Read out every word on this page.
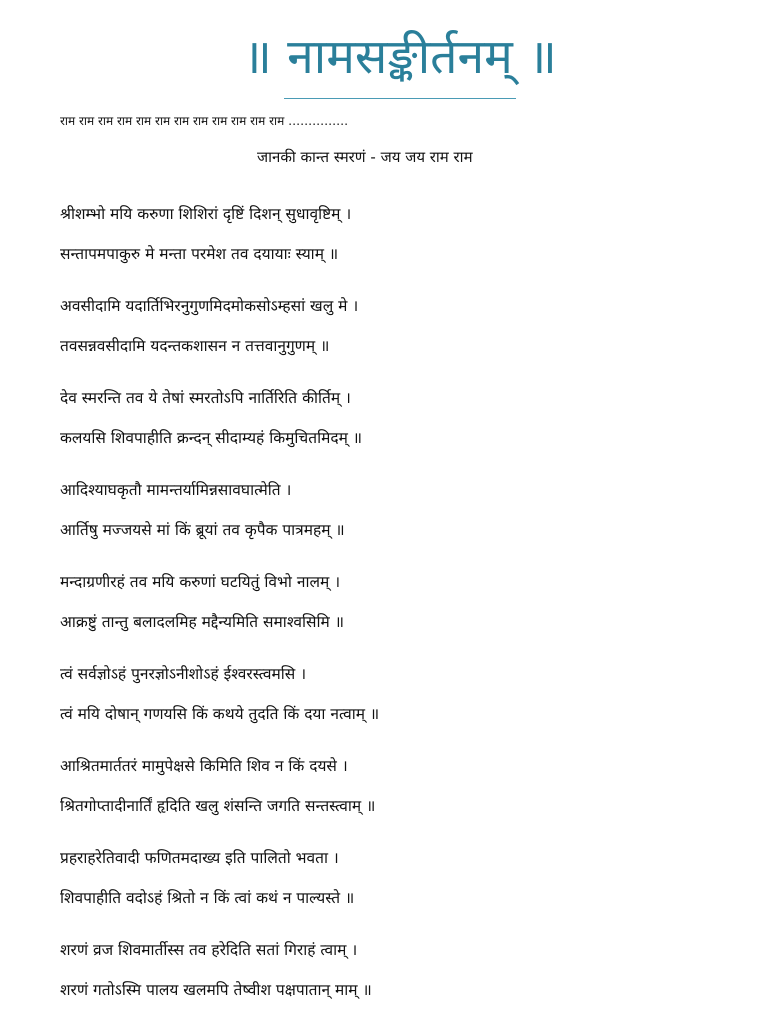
॥ नामसङ्कीर्तनम् ॥
राम राम राम राम राम राम राम राम राम राम राम राम ……………
जानकी कान्त स्मरणं - जय जय राम राम
श्रीशम्भो मयि करुणा शिशिरां दृष्टिं दिशन् सुधावृष्टिम् ।
सन्तापमपाकुरु मे मन्ता परमेश तव दयायाः स्याम् ॥
अवसीदामि यदार्तिभिरनुगुणमिदमोकसोऽम्हसां खलु मे ।
तवसन्नवसीदामि यदन्तकशासन न तत्तवानुगुणम् ॥
देव स्मरन्ति तव ये तेषां स्मरतोऽपि नार्तिरिति कीर्तिम् ।
कलयसि शिवपाहीति क्रन्दन् सीदाम्यहं किमुचितमिदम् ॥
आदिश्याघकृतौ मामन्तर्यामिन्नसावघात्मेति ।
आर्तिषु मज्जयसे मां किं ब्रूयां तव कृपैक पात्रमहम् ॥
मन्दाग्रणीरहं तव मयि करुणां घटयितुं विभो नालम् ।
आक्रष्टुं तान्तु बलादलमिह मद्दैन्यमिति समाश्वसिमि ॥
त्वं सर्वज्ञोऽहं पुनरज्ञोऽनीशोऽहं ईश्वरस्त्वमसि ।
त्वं मयि दोषान् गणयसि किं कथये तुदति किं दया नत्वाम् ॥
आश्रितमार्ततरं मामुपेक्षसे किमिति शिव न किं दयसे ।
श्रितगोप्तादीनार्तिं हृदिति खलु शंसन्ति जगति सन्तस्त्वाम् ॥
प्रहराहरेतिवादी फणितमदाख्य इति पालितो भवता ।
शिवपाहीति वदोऽहं श्रितो न किं त्वां कथं न पाल्यस्ते ॥
शरणं व्रज शिवमार्तीस्स तव हरेदिति सतां गिराहं त्वाम् ।
शरणं गतोऽस्मि पालय खलमपि तेष्वीश पक्षपातान् माम् ॥
